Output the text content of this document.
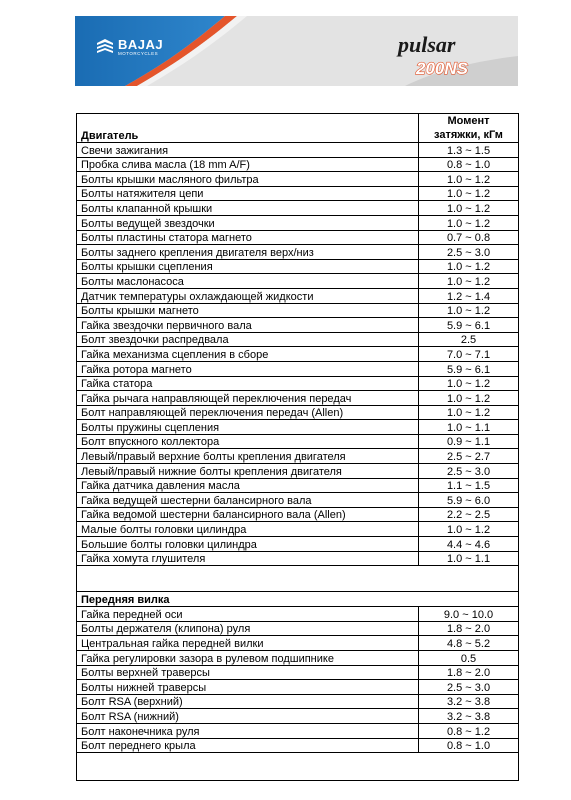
BAJAJ
MOTORCYCLES	pulsar
200NS
Двигатель	Момент
затяжки, кГм
Свечи зажигания	1.3 ~ 1.5
Пробка слива масла (18 mm A/F)	0.8 ~ 1.0
Болты крышки масляного фильтра	1.0 ~ 1.2
Болты натяжителя цепи	1.0 ~ 1.2
Болты клапанной крышки	1.0 ~ 1.2
Болты ведущей звездочки	1.0 ~ 1.2
Болты пластины статора магнето	0.7 ~ 0.8
Болты заднего крепления двигателя верх/низ	2.5 ~ 3.0
Болты крышки сцепления	1.0 ~ 1.2
Болты маслонасоса	1.0 ~ 1.2
Датчик температуры охлаждающей жидкости	1.2 ~ 1.4
Болты крышки магнето	1.0 ~ 1.2
Гайка звездочки первичного вала	5.9 ~ 6.1
Болт звездочки распредвала	2.5
Гайка механизма сцепления в сборе	7.0 ~ 7.1
Гайка ротора магнето	5.9 ~ 6.1
Гайка статора	1.0 ~ 1.2
Гайка рычага направляющей переключения передач	1.0 ~ 1.2
Болт направляющей переключения передач (Allen)	1.0 ~ 1.2
Болты пружины сцепления	1.0 ~ 1.1
Болт впускного коллектора	0.9 ~ 1.1
Левый/правый верхние болты крепления двигателя	2.5 ~ 2.7
Левый/правый нижние болты крепления двигателя	2.5 ~ 3.0
Гайка датчика давления масла	1.1 ~ 1.5
Гайка ведущей шестерни балансирного вала	5.9 ~ 6.0
Гайка ведомой шестерни балансирного вала (Allen)	2.2 ~ 2.5
Малые болты головки цилиндра	1.0 ~ 1.2
Большие болты головки цилиндра	4.4 ~ 4.6
Гайка хомута глушителя	1.0 ~ 1.1

Передняя вилка	
Гайка передней оси	9.0 ~ 10.0
Болты держателя (клипона) руля	1.8 ~ 2.0
Центральная гайка передней вилки	4.8 ~ 5.2
Гайка регулировки зазора в рулевом подшипнике	0.5
Болты верхней траверсы	1.8 ~ 2.0
Болты нижней траверсы	2.5 ~ 3.0
Болт RSA (верхний)	3.2 ~ 3.8
Болт RSA (нижний)	3.2 ~ 3.8
Болт наконечника руля	0.8 ~ 1.2
Болт переднего крыла	0.8 ~ 1.0
